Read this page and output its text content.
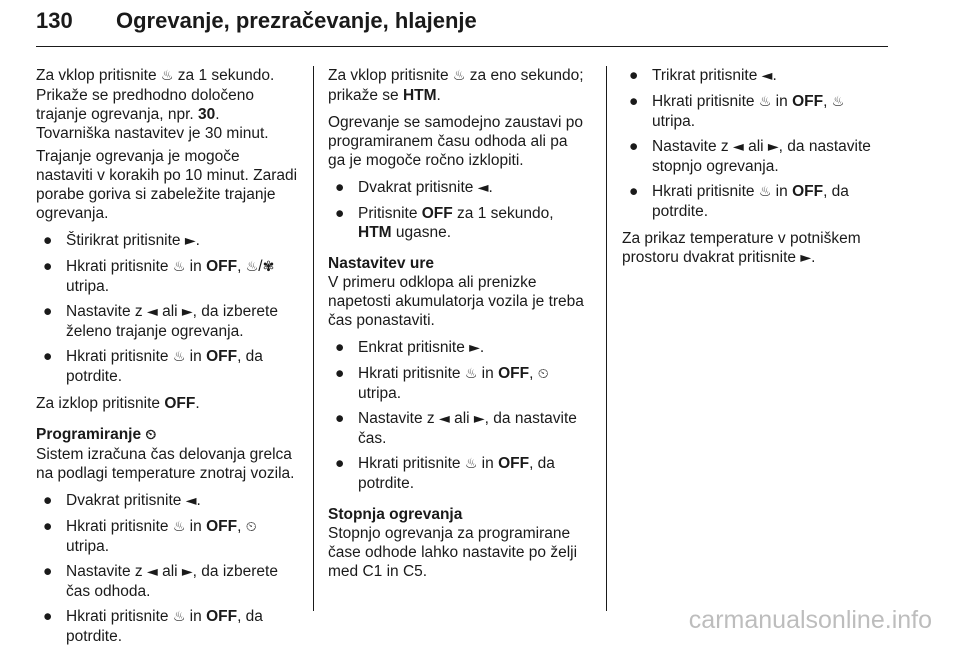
130 Ogrevanje, prezračevanje, hlajenje

Za vklop pritisnite ♨ za 1 sekundo.
Prikaže se predhodno določeno
trajanje ogrevanja, npr. 30.
Tovarniška nastavitev je 30 minut.

Trajanje ogrevanja je mogoče
nastaviti v korakih po 10 minut. Zaradi
porabe goriva si zabeležite trajanje
ogrevanja.

● Štirikrat pritisnite ►.
● Hkrati pritisnite ♨ in OFF, ♨/✾
utripa.
● Nastavite z ◄ ali ►, da izberete
želeno trajanje ogrevanja.
● Hkrati pritisnite ♨ in OFF, da
potrdite.

Za izklop pritisnite OFF.

Programiranje ⏲

Sistem izračuna čas delovanja grelca
na podlagi temperature znotraj vozila.

● Dvakrat pritisnite ◄.
● Hkrati pritisnite ♨ in OFF, ⏲
utripa.
● Nastavite z ◄ ali ►, da izberete
čas odhoda.
● Hkrati pritisnite ♨ in OFF, da
potrdite.

Za vklop pritisnite ♨ za eno sekundo;
prikaže se HTM.

Ogrevanje se samodejno zaustavi po
programiranem času odhoda ali pa
ga je mogoče ročno izklopiti.

● Dvakrat pritisnite ◄.
● Pritisnite OFF za 1 sekundo,
HTM ugasne.
Nastavitev ure

V primeru odklopa ali prenizke
napetosti akumulatorja vozila je treba
čas ponastaviti.

● Enkrat pritisnite ►.
● Hkrati pritisnite ♨ in OFF, ⏲
utripa.
● Nastavite z ◄ ali ►, da nastavite
čas.
● Hkrati pritisnite ♨ in OFF, da
potrdite.
Stopnja ogrevanja

Stopnjo ogrevanja za programirane
čase odhode lahko nastavite po želji
med C1 in C5.

● Trikrat pritisnite ◄.
● Hkrati pritisnite ♨ in OFF, ♨
utripa.
● Nastavite z ◄ ali ►, da nastavite
stopnjo ogrevanja.
● Hkrati pritisnite ♨ in OFF, da
potrdite.

Za prikaz temperature v potniškem
prostoru dvakrat pritisnite ►.

carmanualsonline.info
